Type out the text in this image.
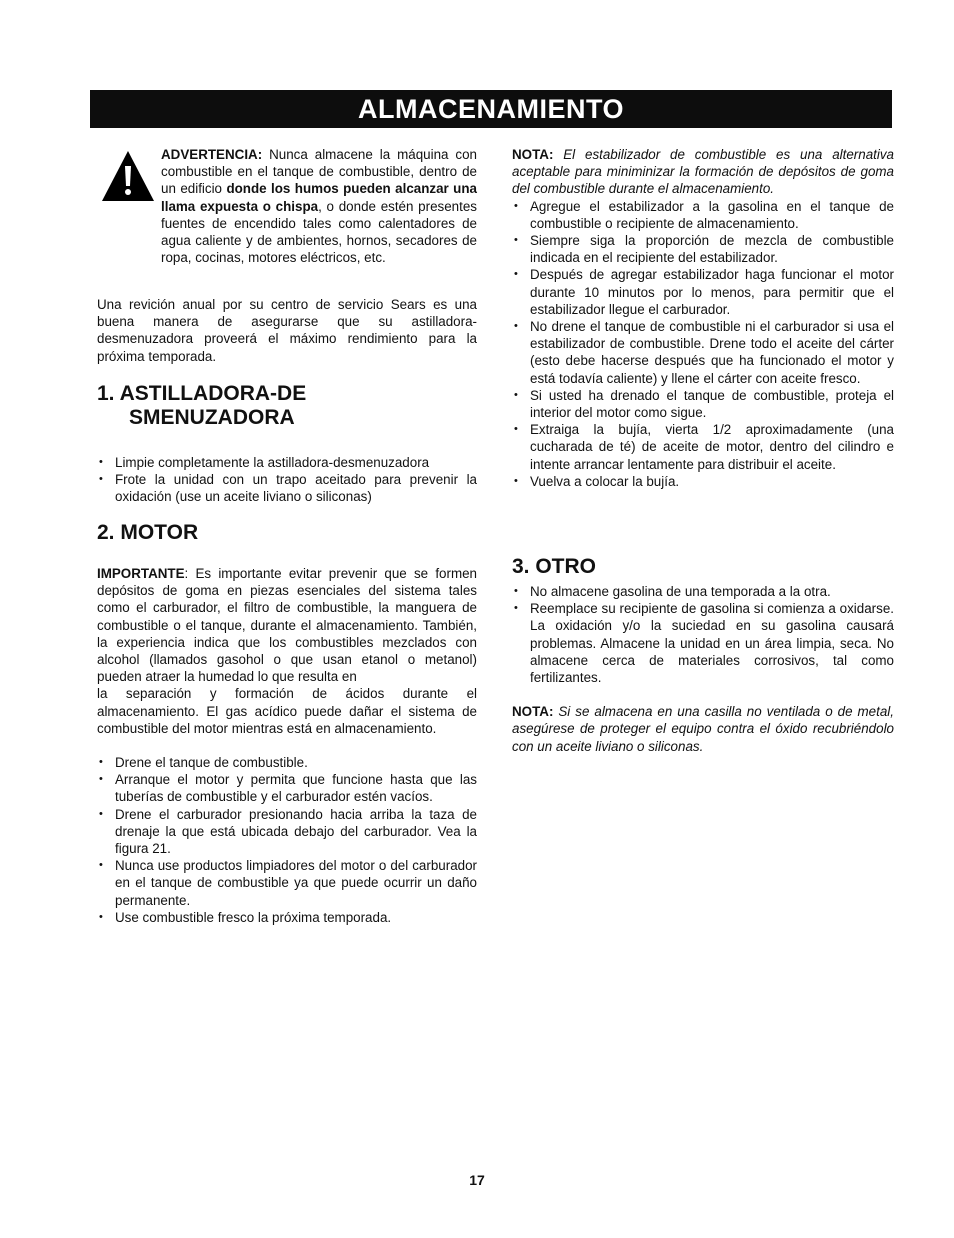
ALMACENAMIENTO

ADVERTENCIA: Nunca almacene la máquina con combustible en el tanque de combustible, dentro de un edificio donde los humos pueden alcanzar una llama expuesta o chispa, o donde estén presentes fuentes de encendido tales como calentadores de agua caliente y de ambientes, hornos, secadores de ropa, cocinas, motores eléctricos, etc.

Una revición anual por su centro de servicio Sears es una buena manera de asegurarse que su astilladora-desmenuzadora proveerá el máximo rendimiento para la próxima temporada.

1. ASTILLADORA-DE
SMENUZADORA
• Limpie completamente la astilladora-desmenuzadora
• Frote la unidad con un trapo aceitado para prevenir la oxidación (use un aceite liviano o siliconas)
2. MOTOR

IMPORTANTE: Es importante evitar prevenir que se formen depósitos de goma en piezas esenciales del sistema tales como el carburador, el filtro de combustible, la manguera de combustible o el tanque, durante el almacenamiento. También, la experiencia indica que los combustibles mezclados con alcohol (llamados gasohol o que usan etanol o metanol) pueden atraer la humedad lo que resulta en

la separación y formación de ácidos durante el almacenamiento. El gas acídico puede dañar el sistema de combustible del motor mientras está en almacenamiento.

• Drene el tanque de combustible.
• Arranque el motor y permita que funcione hasta que las tuberías de combustible y el carburador estén vacíos.
• Drene el carburador presionando hacia arriba la taza de drenaje la que está ubicada debajo del carburador. Vea la figura 21.
• Nunca use productos limpiadores del motor o del carburador en el tanque de combustible ya que puede ocurrir un daño permanente.
• Use combustible fresco la próxima temporada.

NOTA: El estabilizador de combustible es una alternativa aceptable para miniminizar la formación de depósitos de goma del combustible durante el almacenamiento.

• Agregue el estabilizador a la gasolina en el tanque de combustible o recipiente de almacenamiento.
• Siempre siga la proporción de mezcla de combustible indicada en el recipiente del estabilizador.
• Después de agregar estabilizador haga funcionar el motor durante 10 minutos por lo menos, para permitir que el estabilizador llegue el carburador.
• No drene el tanque de combustible ni el carburador si usa el estabilizador de combustible. Drene todo el aceite del cárter (esto debe hacerse después que ha funcionado el motor y está todavía caliente) y llene el cárter con aceite fresco.
• Si usted ha drenado el tanque de combustible, proteja el interior del motor como sigue.
• Extraiga la bujía, vierta 1/2 aproximadamente (una cucharada de té) de aceite de motor, dentro del cilindro e intente arrancar lentamente para distribuir el aceite.
• Vuelva a colocar la bujía.
3. OTRO
• No almacene gasolina de una temporada a la otra.
• Reemplace su recipiente de gasolina si comienza a oxidarse. La oxidación y/o la suciedad en su gasolina causará problemas. Almacene la unidad en un área limpia, seca. No almacene cerca de materiales corrosivos, tal como fertilizantes.

NOTA: Si se almacena en una casilla no ventilada o de metal, asegúrese de proteger el equipo contra el óxido recubriéndolo con un aceite liviano o siliconas.

17
